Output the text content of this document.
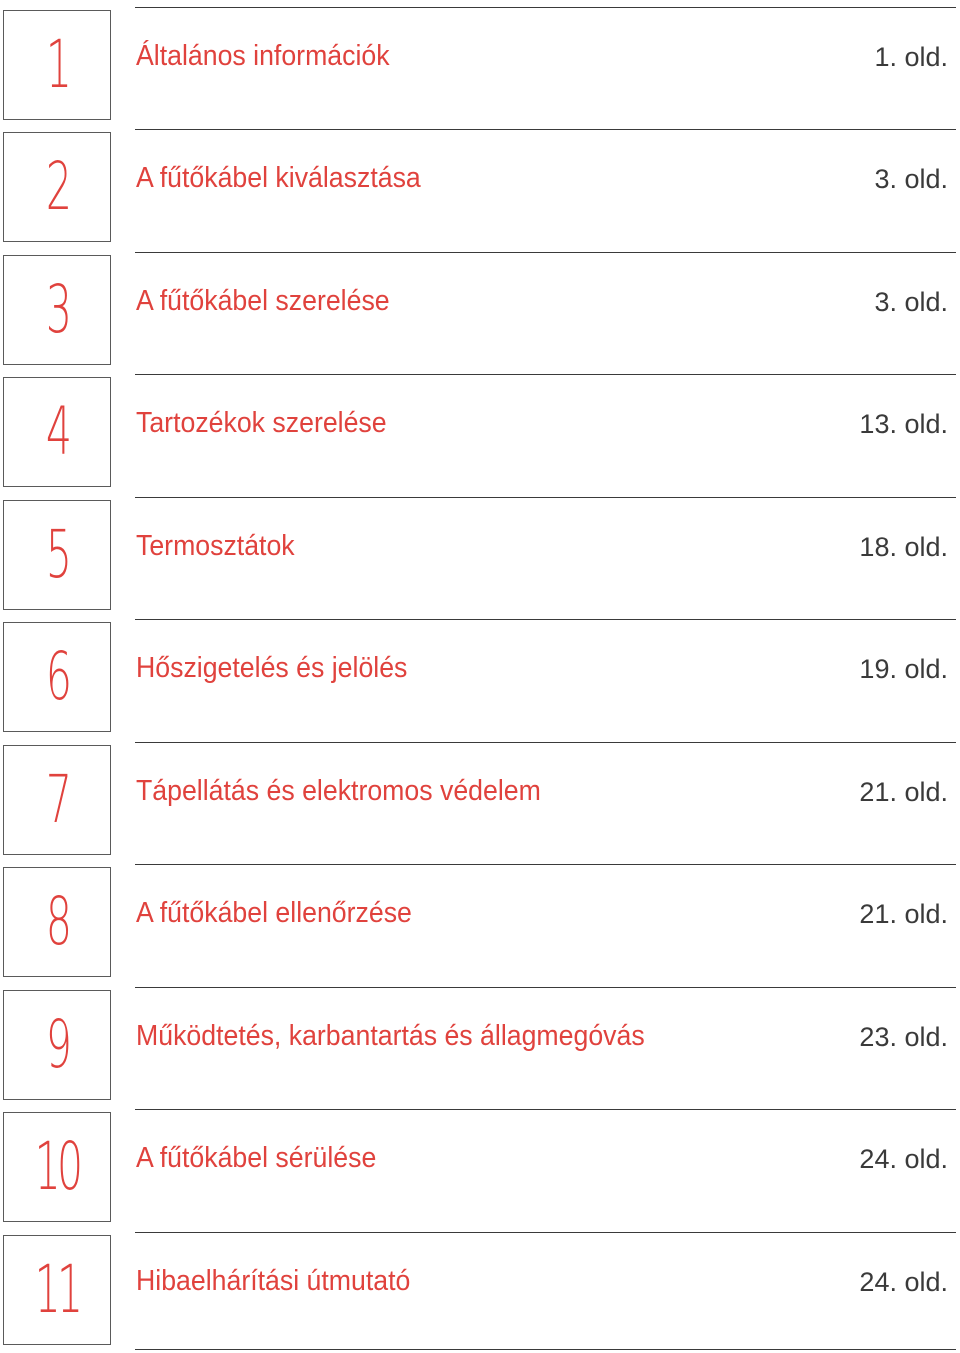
1 Általános információk	1. old.
2 A fűtőkábel kiválasztása	3. old.
3 A fűtőkábel szerelése	3. old.
4 Tartozékok szerelése	13. old.
5 Termosztátok	18. old.
6 Hőszigetelés és jelölés	19. old.
7 Tápellátás és elektromos védelem	21. old.
8 A fűtőkábel ellenőrzése	21. old.
9 Működtetés, karbantartás és állagmegóvás	23. old.
10 A fűtőkábel sérülése	24. old.
11 Hibaelhárítási útmutató	24. old.
